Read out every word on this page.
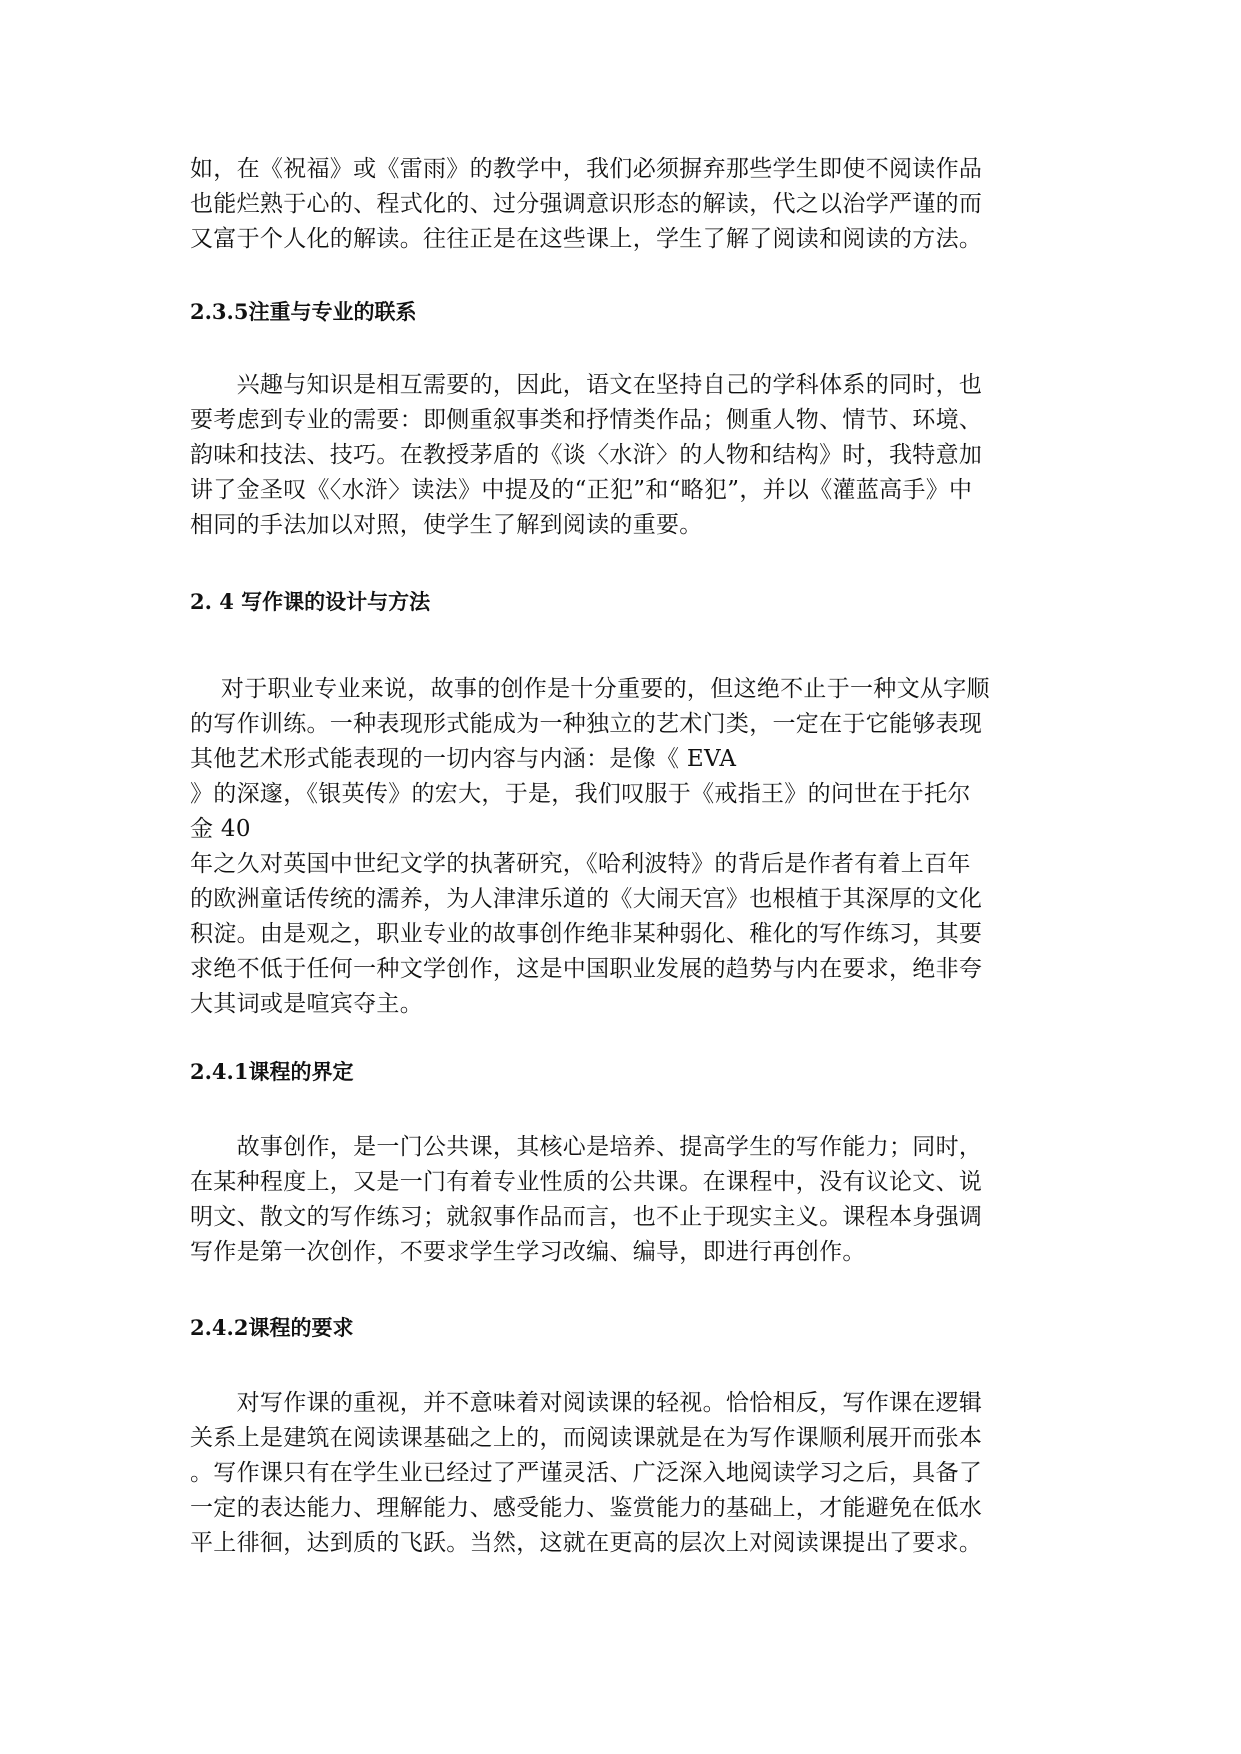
如，在《祝福》或《雷雨》的教学中，我们必须摒弃那些学生即使不阅读作品
也能烂熟于心的、程式化的、过分强调意识形态的解读，代之以治学严谨的而
又富于个人化的解读。往往正是在这些课上，学生了解了阅读和阅读的方法。
2.3.5注重与专业的联系
　　兴趣与知识是相互需要的，因此，语文在坚持自己的学科体系的同时，也
要考虑到专业的需要：即侧重叙事类和抒情类作品；侧重人物、情节、环境、
韵味和技法、技巧。在教授茅盾的《谈〈水浒〉的人物和结构》时，我特意加
讲了金圣叹《〈水浒〉读法》中提及的“正犯”和“略犯”，并以《灌蓝高手》中
相同的手法加以对照，使学生了解到阅读的重要。
2. 4 写作课的设计与方法
　 对于职业专业来说，故事的创作是十分重要的，但这绝不止于一种文从字顺
的写作训练。一种表现形式能成为一种独立的艺术门类，一定在于它能够表现
其他艺术形式能表现的一切内容与内涵：是像《 EVA
》的深邃，《银英传》的宏大，于是，我们叹服于《戒指王》的问世在于托尔
金 40
年之久对英国中世纪文学的执著研究，《哈利波特》的背后是作者有着上百年
的欧洲童话传统的濡养，为人津津乐道的《大闹天宫》也根植于其深厚的文化
积淀。由是观之，职业专业的故事创作绝非某种弱化、稚化的写作练习，其要
求绝不低于任何一种文学创作，这是中国职业发展的趋势与内在要求，绝非夸
大其词或是喧宾夺主。
2.4.1课程的界定
　　故事创作，是一门公共课，其核心是培养、提高学生的写作能力；同时，
在某种程度上，又是一门有着专业性质的公共课。在课程中，没有议论文、说
明文、散文的写作练习；就叙事作品而言，也不止于现实主义。课程本身强调
写作是第一次创作，不要求学生学习改编、编导，即进行再创作。
2.4.2课程的要求
　　对写作课的重视，并不意味着对阅读课的轻视。恰恰相反，写作课在逻辑
关系上是建筑在阅读课基础之上的，而阅读课就是在为写作课顺利展开而张本
。写作课只有在学生业已经过了严谨灵活、广泛深入地阅读学习之后，具备了
一定的表达能力、理解能力、感受能力、鉴赏能力的基础上，才能避免在低水
平上徘徊，达到质的飞跃。当然，这就在更高的层次上对阅读课提出了要求。
